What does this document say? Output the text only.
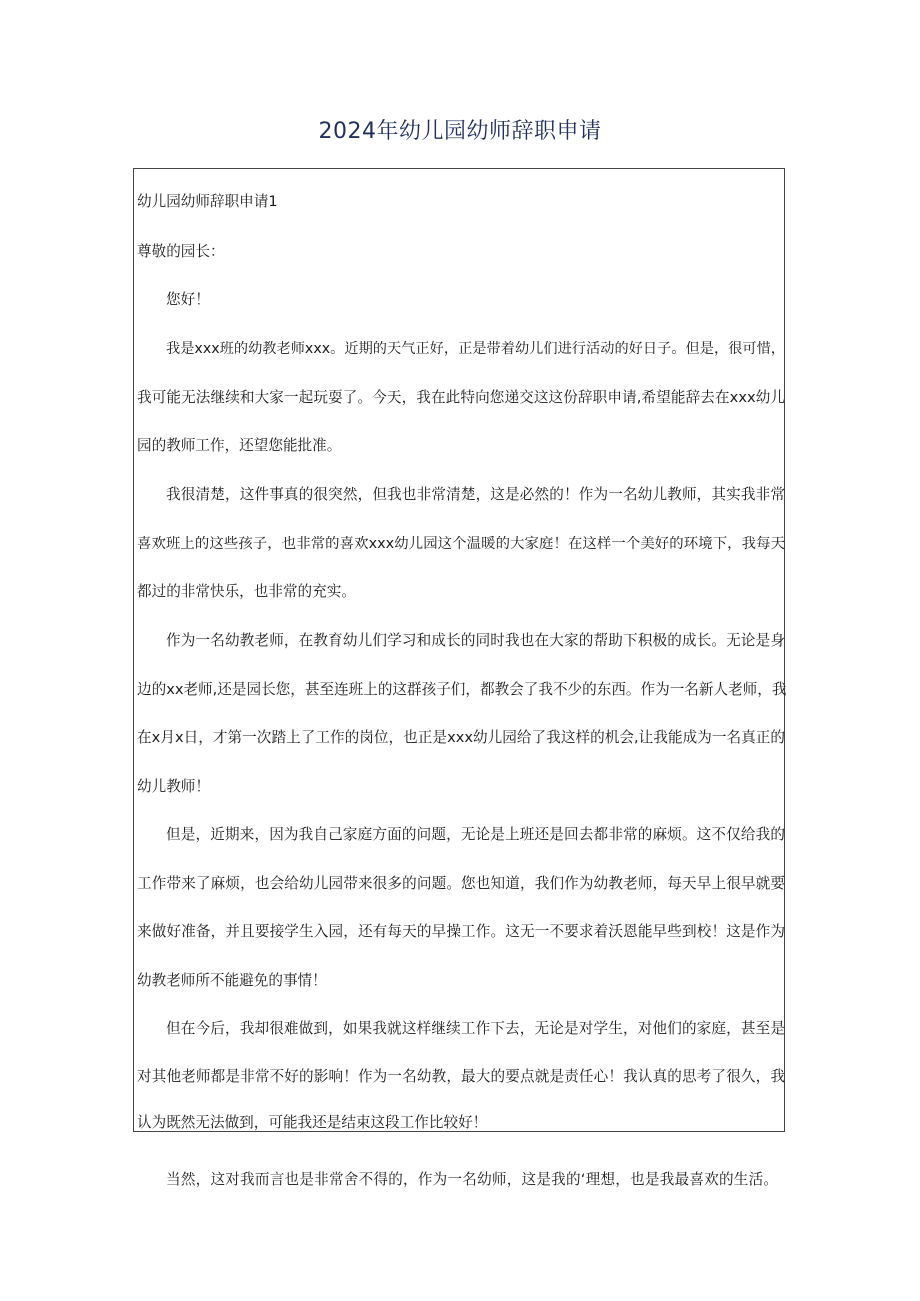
2024年幼儿园幼师辞职申请
幼儿园幼师辞职申请1
尊敬的园长：
您好！
我是xxx班的幼教老师xxx。近期的天气正好，正是带着幼儿们进行活动的好日子。但是，很可惜，
我可能无法继续和大家一起玩耍了。今天，我在此特向您递交这这份辞职申请,希望能辞去在xxx幼儿
园的教师工作，还望您能批准。
我很清楚，这件事真的很突然，但我也非常清楚，这是必然的！作为一名幼儿教师，其实我非常
喜欢班上的这些孩子，也非常的喜欢xxx幼儿园这个温暖的大家庭！在这样一个美好的环境下，我每天
都过的非常快乐，也非常的充实。
作为一名幼教老师，在教育幼儿们学习和成长的同时我也在大家的帮助下积极的成长。无论是身
边的xx老师,还是园长您，甚至连班上的这群孩子们，都教会了我不少的东西。作为一名新人老师，我
在x月x日，才第一次踏上了工作的岗位，也正是xxx幼儿园给了我这样的机会,让我能成为一名真正的
幼儿教师！
但是，近期来，因为我自己家庭方面的问题，无论是上班还是回去都非常的麻烦。这不仅给我的
工作带来了麻烦，也会给幼儿园带来很多的问题。您也知道，我们作为幼教老师，每天早上很早就要
来做好准备，并且要接学生入园，还有每天的早操工作。这无一不要求着沃恩能早些到校！这是作为
幼教老师所不能避免的事情！
但在今后，我却很难做到，如果我就这样继续工作下去，无论是对学生，对他们的家庭，甚至是
对其他老师都是非常不好的影响！作为一名幼教，最大的要点就是责任心！我认真的思考了很久，我
认为既然无法做到，可能我还是结束这段工作比较好！
当然，这对我而言也是非常舍不得的，作为一名幼师，这是我的‘理想，也是我最喜欢的生活。
